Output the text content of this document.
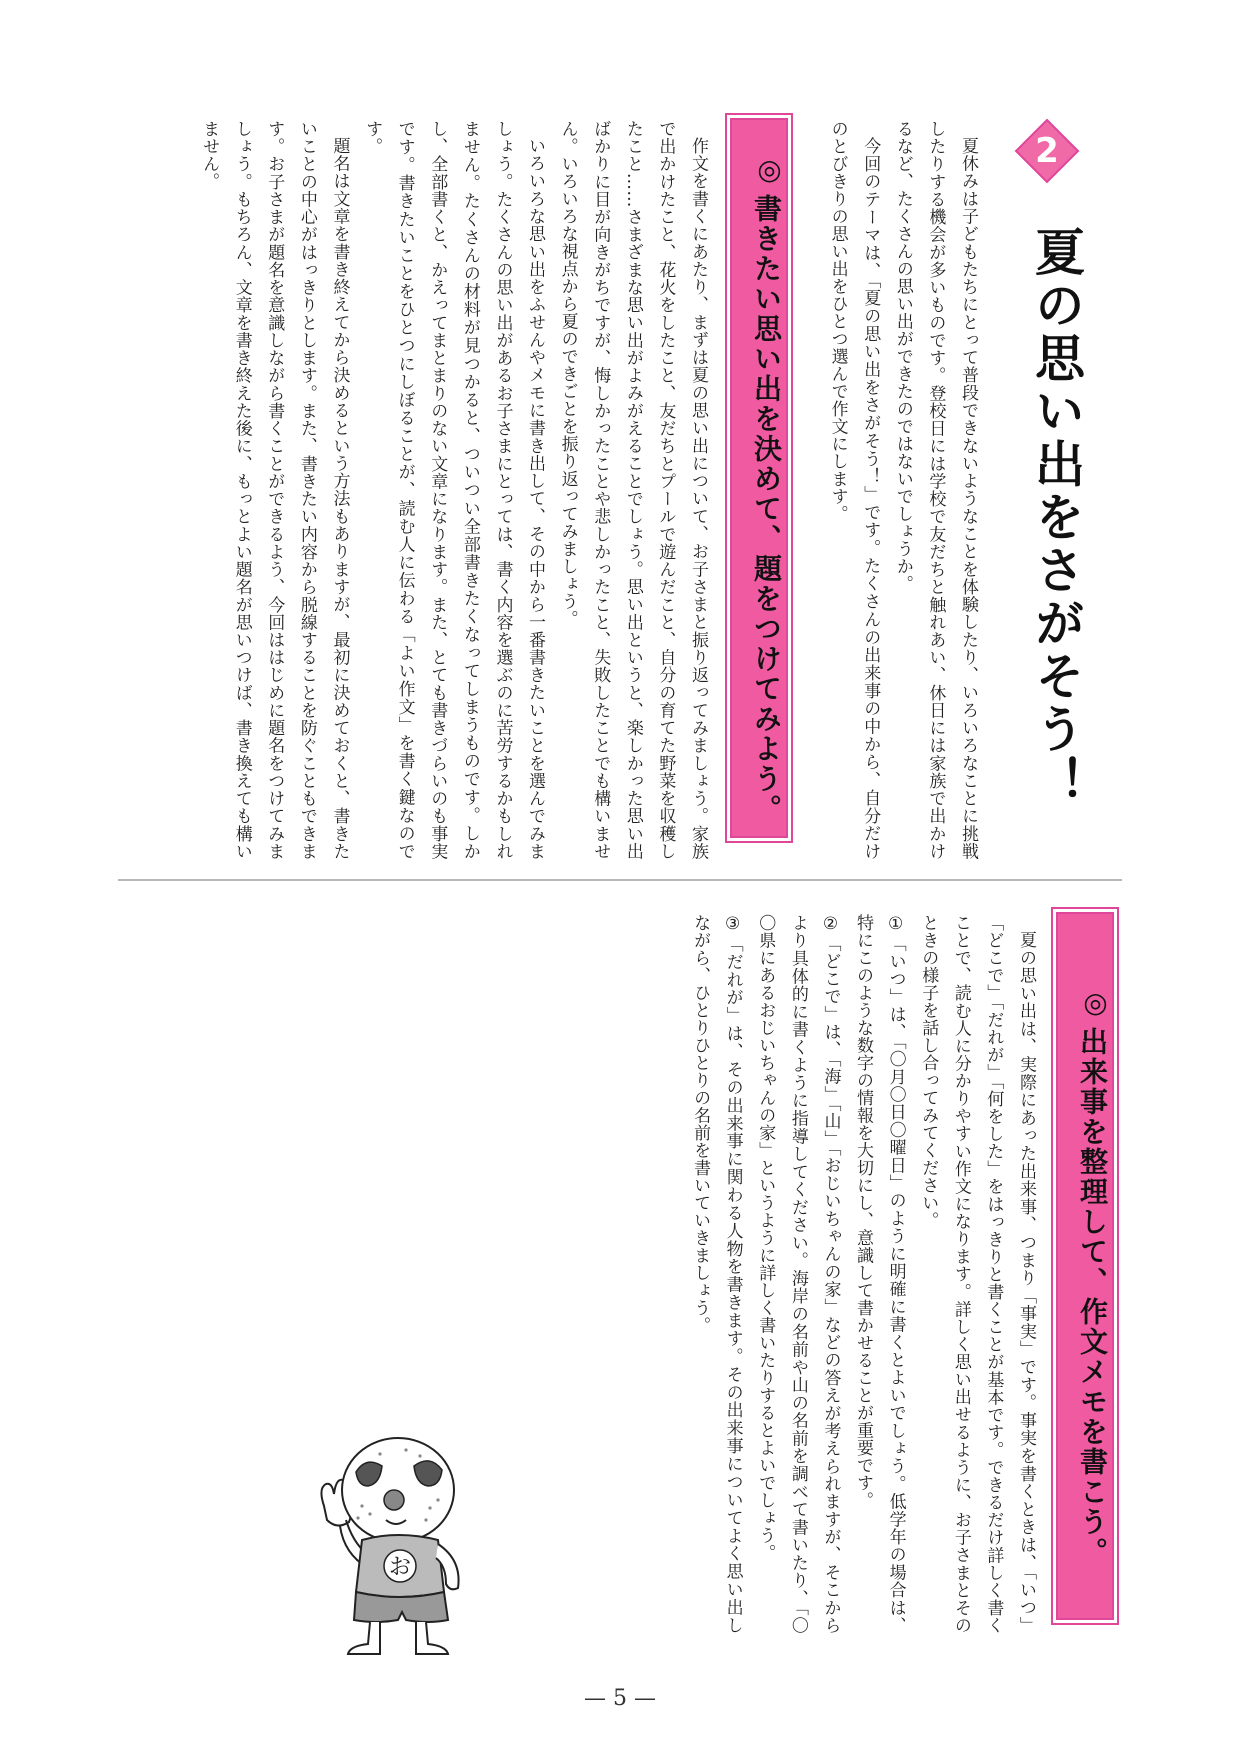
2
夏の思い出をさがそう！

夏休みは子どもたちにとって普段できないようなことを体験したり、いろいろなことに挑戦したりする機会が多いものです。登校日には学校で友だちと触れあい、休日には家族で出かけるなど、たくさんの思い出ができたのではないでしょうか。

今回のテーマは、「夏の思い出をさがそう！」です。たくさんの出来事の中から、自分だけのとびきりの思い出をひとつ選んで作文にします。

◎
書きたい思い出を決めて、題をつけてみよう。

作文を書くにあたり、まずは夏の思い出について、お子さまと振り返ってみましょう。家族で出かけたこと、花火をしたこと、友だちとプールで遊んだこと、自分の育てた野菜を収穫したこと……さまざまな思い出がよみがえることでしょう。思い出というと、楽しかった思い出ばかりに目が向きがちですが、悔しかったことや悲しかったこと、失敗したことでも構いません。いろいろな視点から夏のできごとを振り返ってみましょう。

いろいろな思い出をふせんやメモに書き出して、その中から一番書きたいことを選んでみましょう。たくさんの思い出があるお子さまにとっては、書く内容を選ぶのに苦労するかもしれません。たくさんの材料が見つかると、ついつい全部書きたくなってしまうものです。しかし、全部書くと、かえってまとまりのない文章になります。また、とても書きづらいのも事実です。書きたいことをひとつにしぼることが、読む人に伝わる「よい作文」を書く鍵なのです。

題名は文章を書き終えてから決めるという方法もありますが、最初に決めておくと、書きたいことの中心がはっきりとします。また、書きたい内容から脱線することを防ぐこともできます。お子さまが題名を意識しながら書くことができるよう、今回ははじめに題名をつけてみましょう。もちろん、文章を書き終えた後に、もっとよい題名が思いつけば、書き換えても構いません。

◎
出来事を整理して、作文メモを書こう。

夏の思い出は、実際にあった出来事、つまり「事実」です。事実を書くときは、「いつ」「どこで」「だれが」「何をした」をはっきりと書くことが基本です。できるだけ詳しく書くことで、読む人に分かりやすい作文になります。詳しく思い出せるように、お子さまとそのときの様子を話し合ってみてください。

①「いつ」は、「〇月〇日〇曜日」のように明確に書くとよいでしょう。低学年の場合は、特にこのような数字の情報を大切にし、意識して書かせることが重要です。

②「どこで」は、「海」「山」「おじいちゃんの家」などの答えが考えられますが、そこからより具体的に書くように指導してください。海岸の名前や山の名前を調べて書いたり、「〇〇県にあるおじいちゃんの家」というように詳しく書いたりするとよいでしょう。

③「だれが」は、その出来事に関わる人物を書きます。その出来事についてよく思い出しながら、ひとりひとりの名前を書いていきましょう。

お
— 5 —
